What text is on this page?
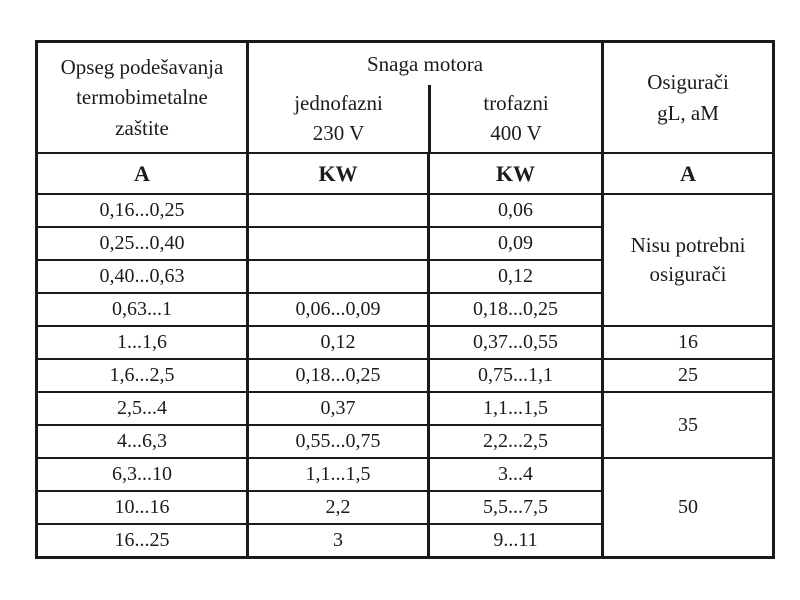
Opseg podešavanja
termobimetalne
zaštite

Snaga motora
jednofazni
230 V
trofazni
400 V

Osigurači
gL, aM

A	KW	KW	A
0,16...0,25		0,06	Nisu potrebni
osigurači

0,25...0,40		0,09	
0,40...0,63		0,12	
0,63...1	0,06...0,09	0,18...0,25	
1...1,6	0,12	0,37...0,55	16
1,6...2,5	0,18...0,25	0,75...1,1	25
2,5...4	0,37	1,1...1,5	35
4...6,3	0,55...0,75	2,2...2,5	
6,3...10	1,1...1,5	3...4	50
10...16	2,2	5,5...7,5	
16...25	3	9...11	
